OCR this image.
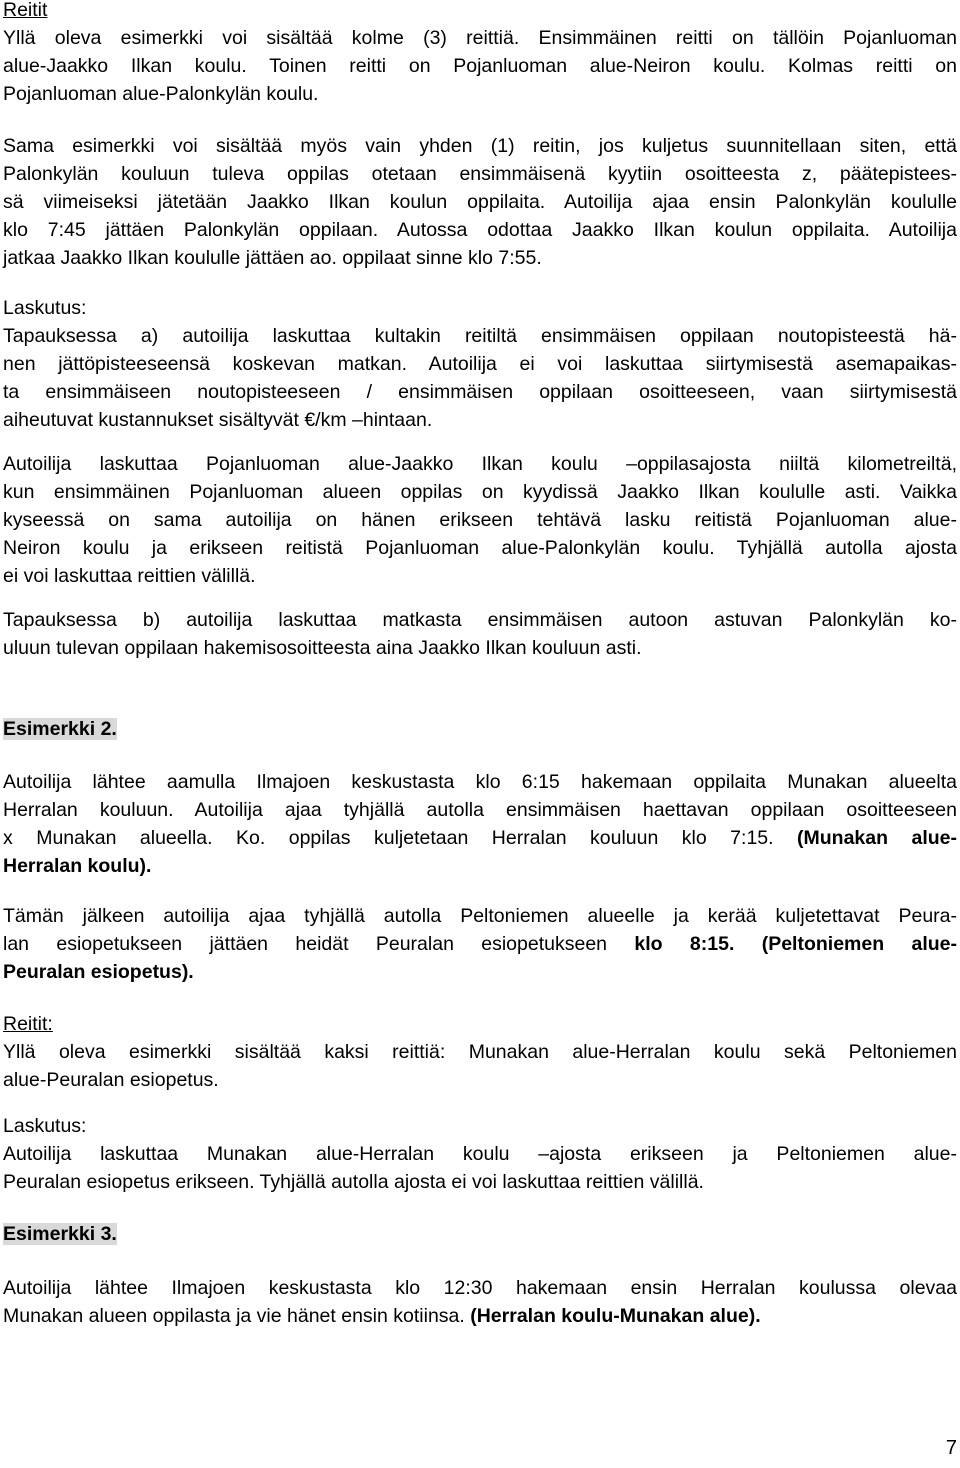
Reitit
Yllä oleva esimerkki voi sisältää kolme (3) reittiä. Ensimmäinen reitti on tällöin Pojanluoman
alue-Jaakko Ilkan koulu. Toinen reitti on Pojanluoman alue-Neiron koulu. Kolmas reitti on
Pojanluoman alue-Palonkylän koulu.
Sama esimerkki voi sisältää myös vain yhden (1) reitin, jos kuljetus suunnitellaan siten, että
Palonkylän kouluun tuleva oppilas otetaan ensimmäisenä kyytiin osoitteesta z, päätepistees-
sä viimeiseksi jätetään Jaakko Ilkan koulun oppilaita. Autoilija ajaa ensin Palonkylän koululle
klo 7:45 jättäen Palonkylän oppilaan. Autossa odottaa Jaakko Ilkan koulun oppilaita. Autoilija
jatkaa Jaakko Ilkan koululle jättäen ao. oppilaat sinne klo 7:55.
Laskutus:
Tapauksessa a) autoilija laskuttaa kultakin reitiltä ensimmäisen oppilaan noutopisteestä hä-
nen jättöpisteeseensä koskevan matkan. Autoilija ei voi laskuttaa siirtymisestä asemapaikas-
ta ensimmäiseen noutopisteeseen / ensimmäisen oppilaan osoitteeseen, vaan siirtymisestä
aiheutuvat kustannukset sisältyvät €/km –hintaan.
Autoilija laskuttaa Pojanluoman alue-Jaakko Ilkan koulu –oppilasajosta niiltä kilometreiltä,
kun ensimmäinen Pojanluoman alueen oppilas on kyydissä Jaakko Ilkan koululle asti. Vaikka
kyseessä on sama autoilija on hänen erikseen tehtävä lasku reitistä Pojanluoman alue-
Neiron koulu ja erikseen reitistä Pojanluoman alue-Palonkylän koulu. Tyhjällä autolla ajosta
ei voi laskuttaa reittien välillä.
Tapauksessa b) autoilija laskuttaa matkasta ensimmäisen autoon astuvan Palonkylän ko-
uluun tulevan oppilaan hakemisosoitteesta aina Jaakko Ilkan kouluun asti.
Esimerkki 2.
Autoilija lähtee aamulla Ilmajoen keskustasta klo 6:15 hakemaan oppilaita Munakan alueelta
Herralan kouluun. Autoilija ajaa tyhjällä autolla ensimmäisen haettavan oppilaan osoitteeseen
x Munakan alueella. Ko. oppilas kuljetetaan Herralan kouluun klo 7:15. (Munakan alue-
Herralan koulu).
Tämän jälkeen autoilija ajaa tyhjällä autolla Peltoniemen alueelle ja kerää kuljetettavat Peura-
lan esiopetukseen jättäen heidät Peuralan esiopetukseen klo 8:15. (Peltoniemen alue-
Peuralan esiopetus).
Reitit:
Yllä oleva esimerkki sisältää kaksi reittiä: Munakan alue-Herralan koulu sekä Peltoniemen
alue-Peuralan esiopetus.
Laskutus:
Autoilija laskuttaa Munakan alue-Herralan koulu –ajosta erikseen ja Peltoniemen alue-
Peuralan esiopetus erikseen. Tyhjällä autolla ajosta ei voi laskuttaa reittien välillä.
Esimerkki 3.
Autoilija lähtee Ilmajoen keskustasta klo 12:30 hakemaan ensin Herralan koulussa olevaa
Munakan alueen oppilasta ja vie hänet ensin kotiinsa. (Herralan koulu-Munakan alue).
7
